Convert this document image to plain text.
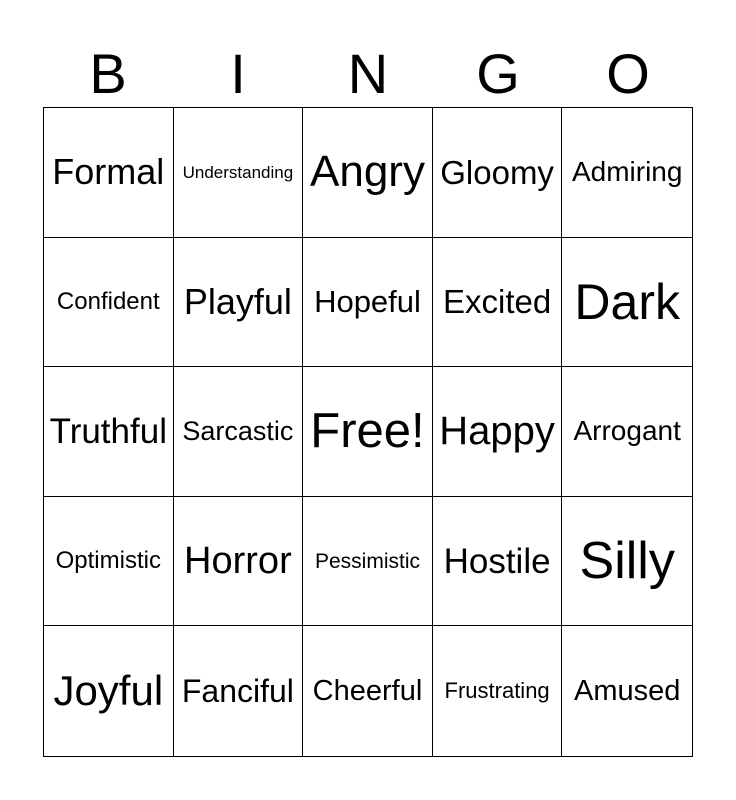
B	I	N	G	O
Formal	Understanding Angry Gloomy Admiring
Confident Playful Hopeful Excited Dark
Truthful Sarcastic Free! Happy Arrogant
Optimistic Horror	Pessimistic Hostile Silly
Joyful Fanciful Cheerful	Frustrating Amused
